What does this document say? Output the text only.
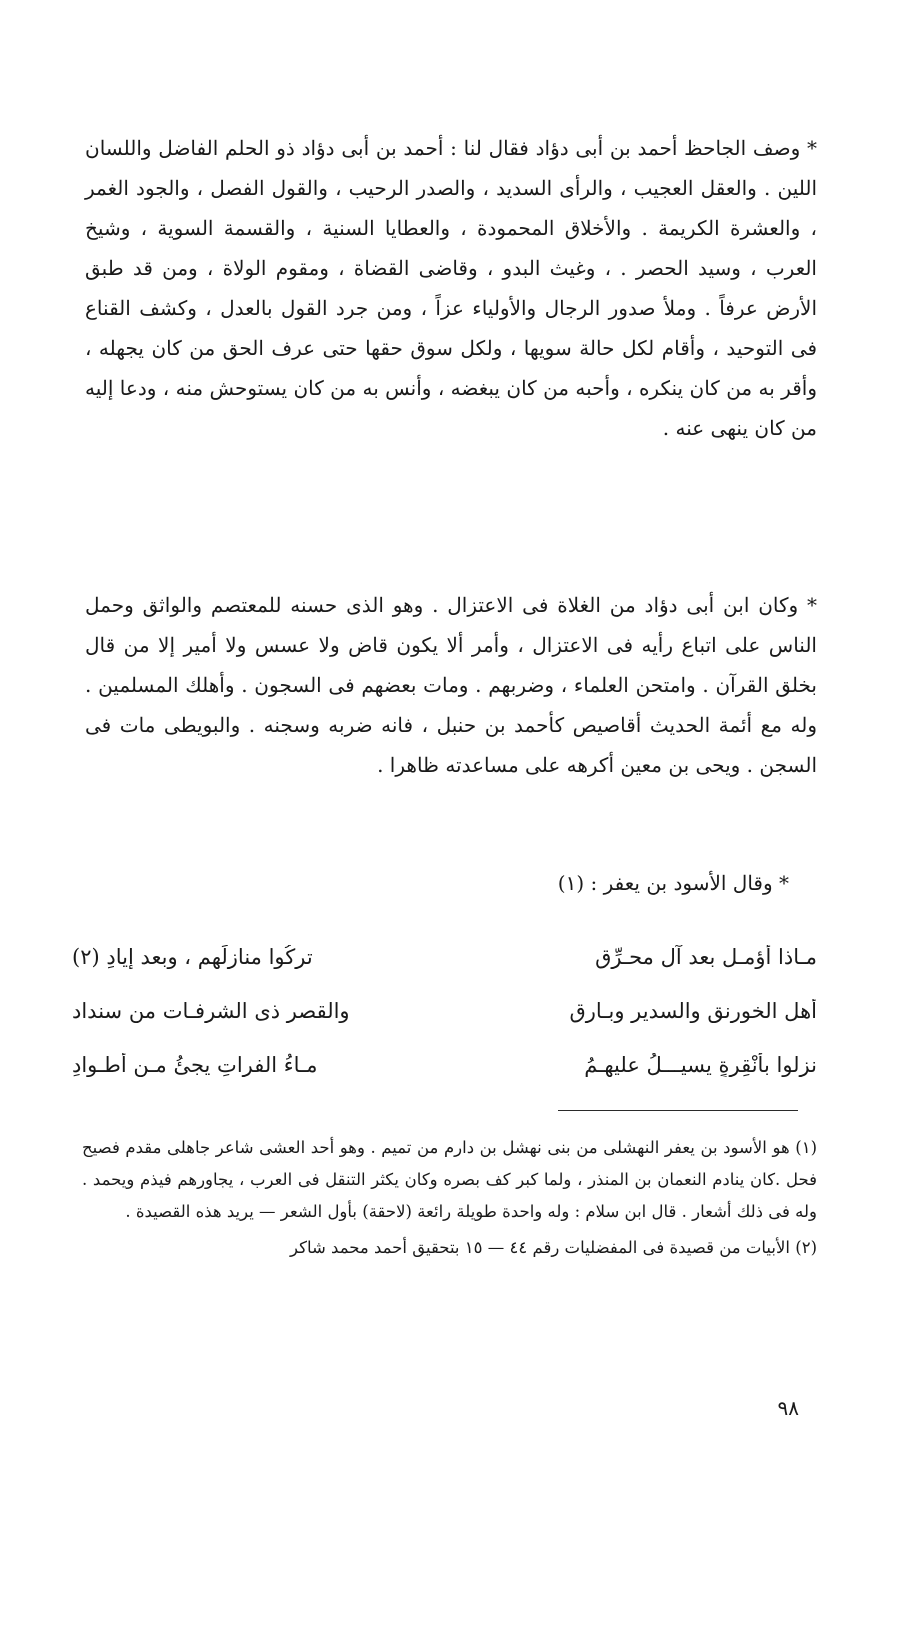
* وصف الجاحظ أحمد بن أبى دؤاد فقال لنا : أحمد بن أبى دؤاد ذو الحلم الفاضل واللسان اللين . والعقل العجيب ، والرأى السديد ، والصدر الرحيب ، والقول الفصل ، والجود الغمر ، والعشرة الكريمة . والأخلاق المحمودة ، والعطايا السنية ، والقسمة السوية ، وشيخ العرب ، وسيد الحصر . ، وغيث البدو ، وقاضى القضاة ، ومقوم الولاة ، ومن قد طبق الأرض عرفاً . وملأ صدور الرجال والأولياء عزاً ، ومن جرد القول بالعدل ، وكشف القناع فى التوحيد ، وأقام لكل حالة سويها ، ولكل سوق حقها حتى عرف الحق من كان يجهله ، وأقر به من كان ينكره ، وأحبه من كان يبغضه ، وأنس به من كان يستوحش منه ، ودعا إليه من كان ينهى عنه .

* وكان ابن أبى دؤاد من الغلاة فى الاعتزال . وهو الذى حسنه للمعتصم والواثق وحمل الناس على اتباع رأيه فى الاعتزال ، وأمر ألا يكون قاض ولا عسس ولا أمير إلا من قال بخلق القرآن . وامتحن العلماء ، وضربهم . ومات بعضهم فى السجون . وأهلك المسلمين . وله مع أئمة الحديث أقاصيص كأحمد بن حنبل ، فانه ضربه وسجنه . والبويطى مات فى السجن . ويحى بن معين أكرهه على مساعدته ظاهرا .

* وقال الأسود بن يعفر : (١)

مـاذا أؤمـل بعد آلِ محـرِّقٍ
تركُوا منازلَهم ، وبعد إيادِ (٢)
أهلِ الخورنقِ والسدير وبـارقٍ
والقصر ذى الشرفـات من سنداد
نزلوا بأنْقِرةٍ يسيـــلُ عليهـمُ
مـاءُ الفراتِ يجئُ مـن أطـوادِ

(١) هو الأسود بن يعفر النهشلى من بنى نهشل بن دارم من تميم . وهو أحد العشى شاعر جاهلى مقدم فصيح فحل .كان ينادم النعمان بن المنذر ، ولما كبر كف بصره وكان يكثر التنقل فى العرب ، يجاورهم فيذم ويحمد . وله فى ذلك أشعار . قال ابن سلام : وله واحدة طويلة رائعة (لاحقة) بأول الشعر — يريد هذه القصيدة .

(٢) الأبيات من قصيدة فى المفضليات رقم ٤٤ — ١٥ بتحقيق أحمد محمد شاكر

٩٨
